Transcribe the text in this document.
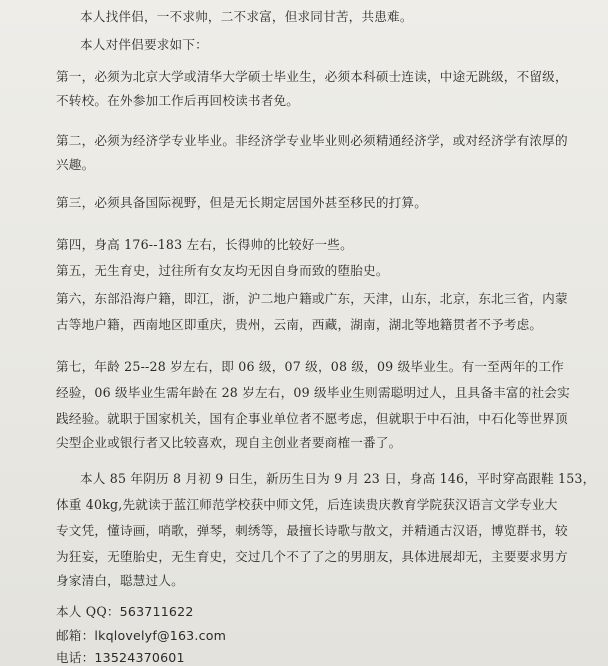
本人找伴侣，一不求帅，二不求富，但求同甘苦，共患难。
本人对伴侣要求如下：
第一，必须为北京大学或清华大学硕士毕业生，必须本科硕士连读，中途无跳级，不留级，
不转校。在外参加工作后再回校读书者免。
第二，必须为经济学专业毕业。非经济学专业毕业则必须精通经济学，或对经济学有浓厚的
兴趣。
第三，必须具备国际视野，但是无长期定居国外甚至移民的打算。
第四，身高 176--183 左右，长得帅的比较好一些。
第五，无生育史，过往所有女友均无因自身而致的堕胎史。
第六，东部沿海户籍，即江，浙，沪二地户籍或广东，天津，山东，北京，东北三省，内蒙
古等地户籍，西南地区即重庆，贵州，云南，西藏，湖南，湖北等地籍贯者不予考虑。
第七，年龄 25--28 岁左右，即 06 级，07 级，08 级，09 级毕业生。有一至两年的工作
经验，06 级毕业生需年龄在 28 岁左右，09 级毕业生则需聪明过人，且具备丰富的社会实
践经验。就职于国家机关，国有企事业单位者不愿考虑，但就职于中石油，中石化等世界顶
尖型企业或银行者又比较喜欢，现自主创业者要商榷一番了。
本人 85 年阴历 8 月初 9 日生，新历生日为 9 月 23 日，身高 146，平时穿高跟鞋 153，
体重 40kg,先就读于蓝江师范学校获中师文凭，后连读贵庆教育学院获汉语言文学专业大
专文凭，懂诗画，哨歌，弹琴，刺绣等，最擅长诗歌与散文，并精通古汉语，博览群书，较
为狂妄，无堕胎史，无生育史，交过几个不了了之的男朋友，具体进展却无，主要要求男方
身家清白，聪慧过人。
本人 QQ：563711622
邮箱：lkqlovelyf@163.com
电话：13524370601
